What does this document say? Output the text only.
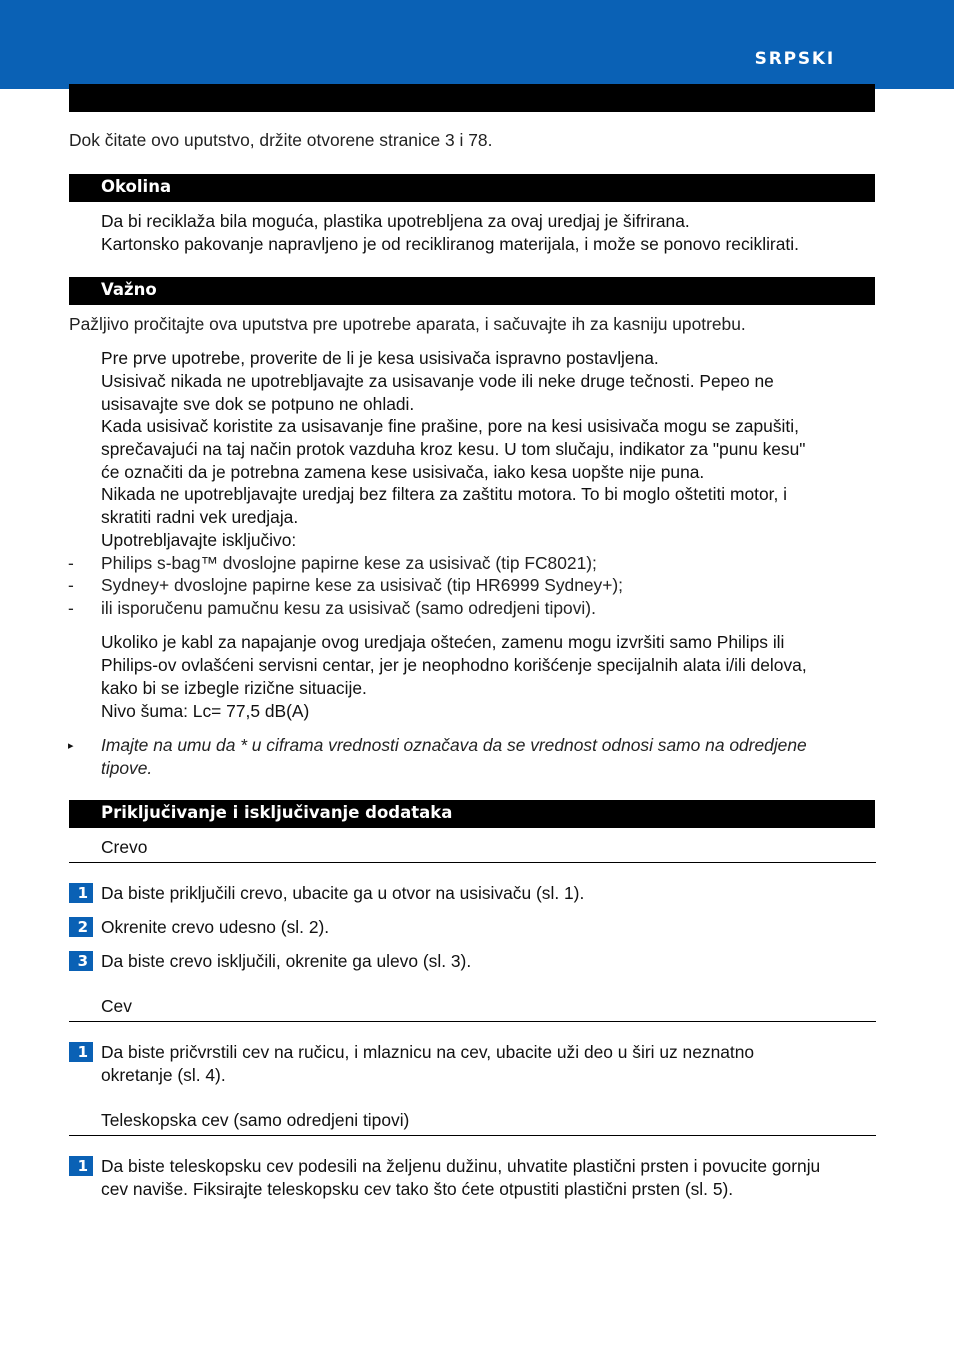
SRPSKI
Dok čitate ovo uputstvo, držite otvorene stranice 3 i 78.
Okolina
Da bi reciklaža bila moguća, plastika upotrebljena za ovaj uredjaj je šifrirana.
Kartonsko pakovanje napravljeno je od recikliranog materijala, i može se ponovo reciklirati.
Važno
Pažljivo pročitajte ova uputstva pre upotrebe aparata, i sačuvajte ih za kasniju upotrebu.
Pre prve upotrebe, proverite de li je kesa usisivača ispravno postavljena.
Usisivač nikada ne upotrebljavajte za usisavanje vode ili neke druge tečnosti. Pepeo ne
usisavajte sve dok se potpuno ne ohladi.
Kada usisivač koristite za usisavanje fine prašine, pore na kesi usisivača mogu se zapušiti,
sprečavajući na taj način protok vazduha kroz kesu. U tom slučaju, indikator za "punu kesu"
će označiti da je potrebna zamena kese usisivača, iako kesa uopšte nije puna.
Nikada ne upotrebljavajte uredjaj bez filtera za zaštitu motora. To bi moglo oštetiti motor, i
skratiti radni vek uredjaja.
Upotrebljavajte isključivo:
- Philips s-bag™ dvoslojne papirne kese za usisivač (tip FC8021);
- Sydney+ dvoslojne papirne kese za usisivač (tip HR6999 Sydney+);
- ili isporučenu pamučnu kesu za usisivač (samo odredjeni tipovi).
Ukoliko je kabl za napajanje ovog uredjaja oštećen, zamenu mogu izvršiti samo Philips ili
Philips-ov ovlašćeni servisni centar, jer je neophodno korišćenje specijalnih alata i/ili delova,
kako bi se izbegle rizične situacije.
Nivo šuma: Lc= 77,5 dB(A)
▸ Imajte na umu da * u ciframa vrednosti označava da se vrednost odnosi samo na odredjene
tipove.
Priključivanje i isključivanje dodataka
Crevo
1 Da biste priključili crevo, ubacite ga u otvor na usisivaču (sl. 1).
2 Okrenite crevo udesno (sl. 2).
3 Da biste crevo isključili, okrenite ga ulevo (sl. 3).
Cev
1 Da biste pričvrstili cev na ručicu, i mlaznicu na cev, ubacite uži deo u širi uz neznatno
okretanje (sl. 4).
Teleskopska cev (samo odredjeni tipovi)
1 Da biste teleskopsku cev podesili na željenu dužinu, uhvatite plastični prsten i povucite gornju
cev naviše. Fiksirajte teleskopsku cev tako što ćete otpustiti plastični prsten (sl. 5).
